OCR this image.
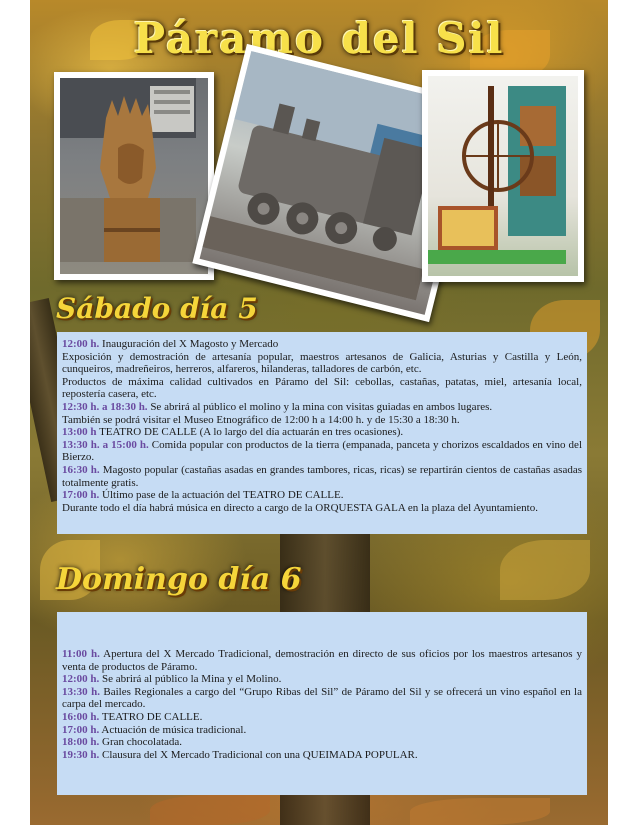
Páramo del Sil
Sábado día 5

12:00 h. Inauguración del X Magosto y Mercado

Exposición y demostración de artesanía popular, maestros artesanos de Galicia, Asturias y Castilla y León, cunqueiros, madreñeiros, herreros, alfareros, hilanderas, talladores de carbón, etc.

Productos de máxima calidad cultivados en Páramo del Sil: cebollas, castañas, patatas, miel, artesanía local, repostería casera, etc.

12:30 h. a 18:30 h. Se abrirá al público el molino y la mina con visitas guiadas en ambos lugares.

También se podrá visitar el Museo Etnográfico de 12:00 h a 14:00 h. y de 15:30 a 18:30 h.

13:00 h TEATRO DE CALLE (A lo largo del día actuarán en tres ocasiones).

13:30 h. a 15:00 h. Comida popular con productos de la tierra (empanada, panceta y chorizos escaldados en vino del Bierzo.

16:30 h. Magosto popular (castañas asadas en grandes tambores, ricas, ricas) se repartirán cientos de castañas asadas totalmente gratis.

17:00 h. Último pase de la actuación del TEATRO DE CALLE.

Durante todo el día habrá música en directo a cargo de la ORQUESTA GALA en la plaza del Ayuntamiento.

Domingo día 6

11:00 h. Apertura del X Mercado Tradicional, demostración en directo de sus oficios por los maestros artesanos y venta de productos de Páramo.

12:00 h. Se abrirá al público la Mina y el Molino.

13:30 h. Bailes Regionales a cargo del “Grupo Ribas del Sil” de Páramo del Sil y se ofrecerá un vino español en la carpa del mercado.

16:00 h. TEATRO DE CALLE.

17:00 h. Actuación de música tradicional.

18:00 h. Gran chocolatada.

19:30 h. Clausura del X Mercado Tradicional con una QUEIMADA POPULAR.
